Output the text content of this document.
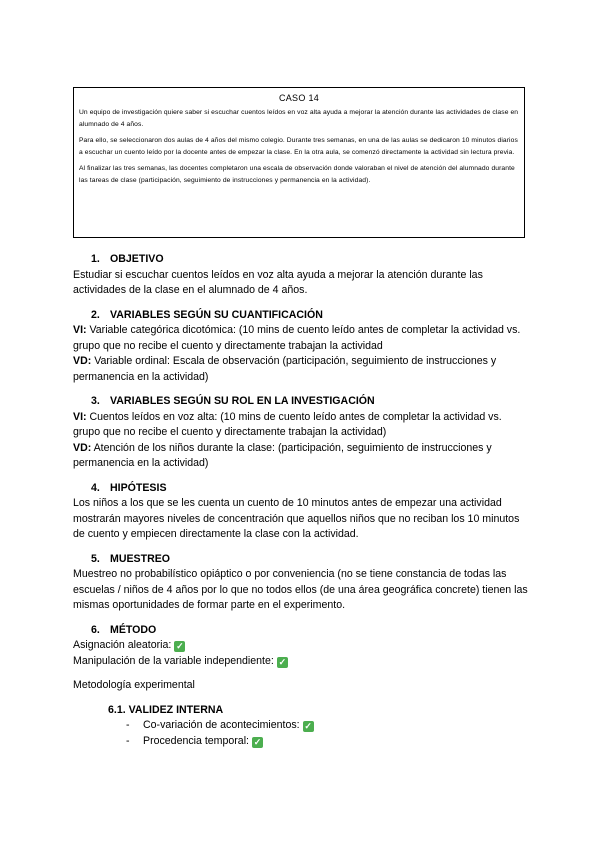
CASO 14

Un equipo de investigación quiere saber si escuchar cuentos leídos en voz alta ayuda a mejorar la atención durante las actividades de clase en alumnado de 4 años.

Para ello, se seleccionaron dos aulas de 4 años del mismo colegio. Durante tres semanas, en una de las aulas se dedicaron 10 minutos diarios a escuchar un cuento leído por la docente antes de empezar la clase. En la otra aula, se comenzó directamente la actividad sin lectura previa.

Al finalizar las tres semanas, las docentes completaron una escala de observación donde valoraban el nivel de atención del alumnado durante las tareas de clase (participación, seguimiento de instrucciones y permanencia en la actividad).

1. OBJETIVO

Estudiar si escuchar cuentos leídos en voz alta ayuda a mejorar la atención durante las actividades de la clase en el alumnado de 4 años.

2. VARIABLES SEGÚN SU CUANTIFICACIÓN

VI: Variable categórica dicotómica: (10 mins de cuento leído antes de completar la actividad vs. grupo que no recibe el cuento y directamente trabajan la actividad

VD: Variable ordinal: Escala de observación (participación, seguimiento de instrucciones y permanencia en la actividad)

3. VARIABLES SEGÚN SU ROL EN LA INVESTIGACIÓN

VI: Cuentos leídos en voz alta: (10 mins de cuento leído antes de completar la actividad vs. grupo que no recibe el cuento y directamente trabajan la actividad)

VD: Atención de los niños durante la clase: (participación, seguimiento de instrucciones y permanencia en la actividad)

4. HIPÓTESIS

Los niños a los que se les cuenta un cuento de 10 minutos antes de empezar una actividad mostrarán mayores niveles de concentración que aquellos niños que no reciban los 10 minutos de cuento y empiecen directamente la clase con la actividad.

5. MUESTREO

Muestreo no probabilístico opiáptico o por conveniencia (no se tiene constancia de todas las escuelas / niños de 4 años por lo que no todos ellos (de una área geográfica concrete) tienen las mismas oportunidades de formar parte en el experimento.

6. MÉTODO

Asignación aleatoria: ✓

Manipulación de la variable independiente: ✓

Metodología experimental

6.1. VALIDEZ INTERNA

- Co-variación de acontecimientos: ✓

- Procedencia temporal: ✓
